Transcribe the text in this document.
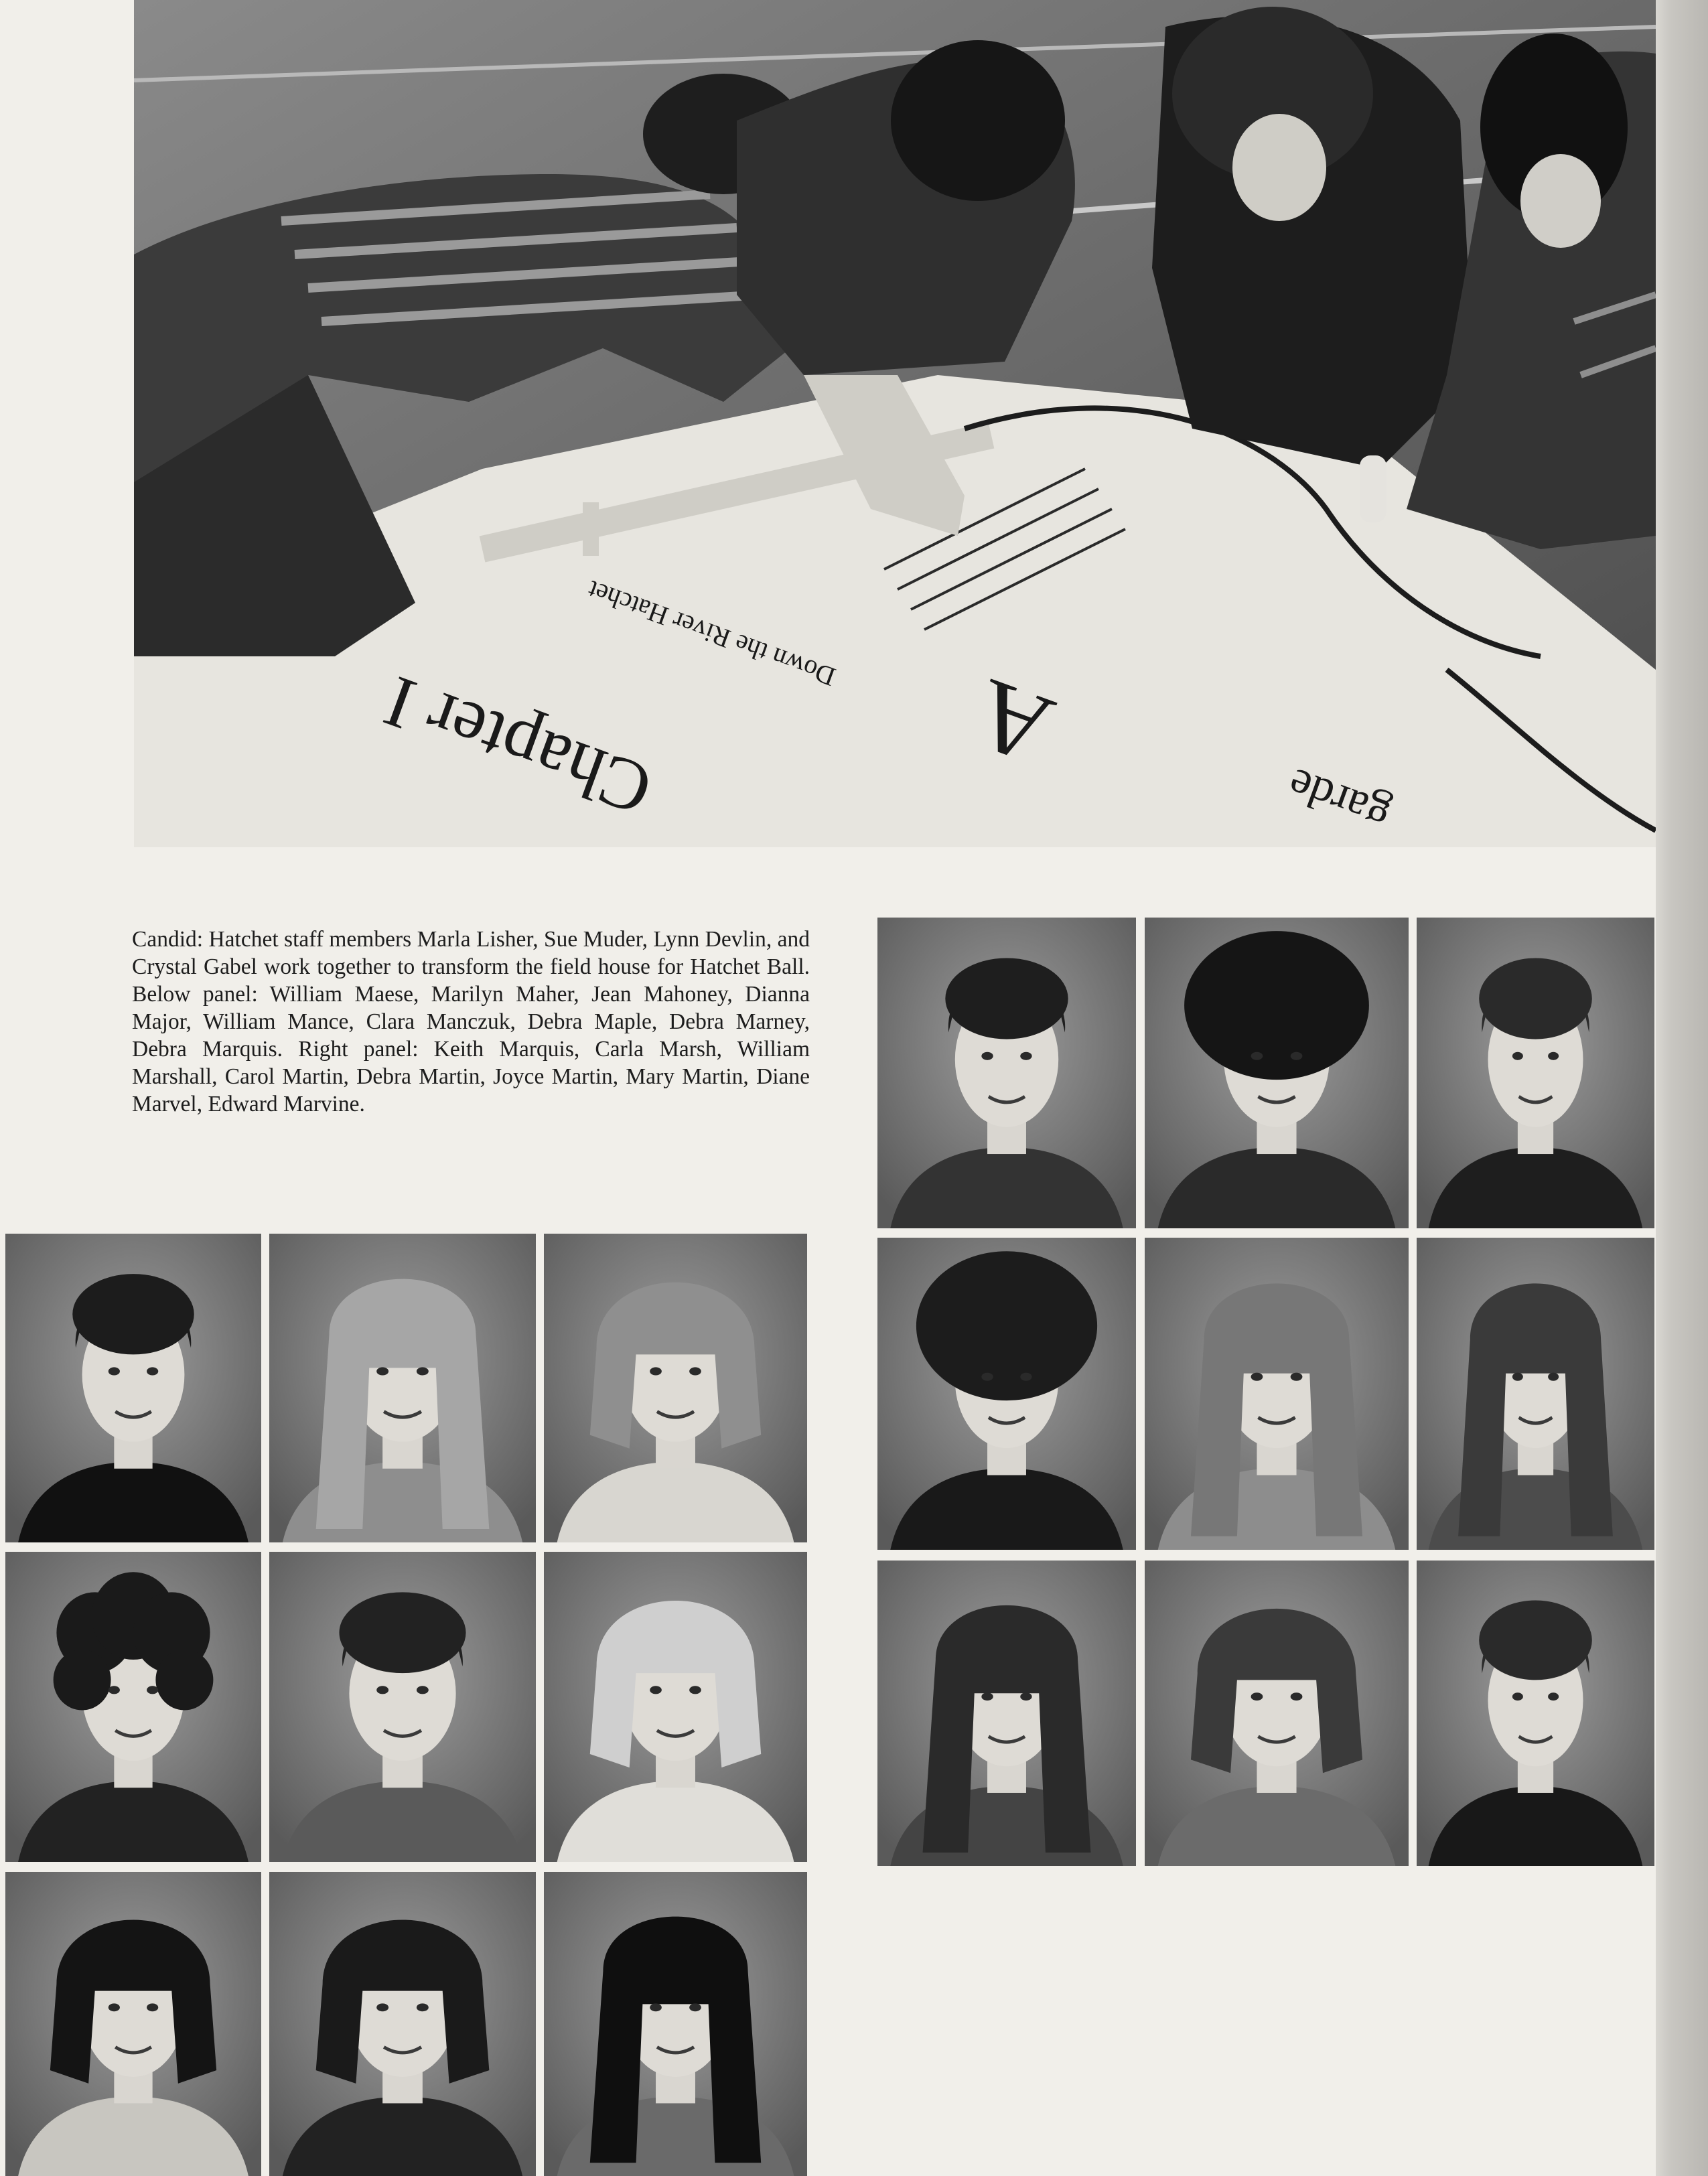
Chapter I	A
Down the River Hatchet
garde

Candid: Hatchet staff members Marla Lisher, Sue Muder, Lynn Devlin, and Crystal Gabel work together to transform the field house for Hatchet Ball. Below panel: William Maese, Marilyn Maher, Jean Mahoney, Dianna Major, William Mance, Clara Manczuk, Debra Maple, Debra Marney, Debra Marquis. Right panel: Keith Marquis, Carla Marsh, William Marshall, Carol Martin, Debra Martin, Joyce Martin, Mary Martin, Diane Marvel, Edward Marvine.
